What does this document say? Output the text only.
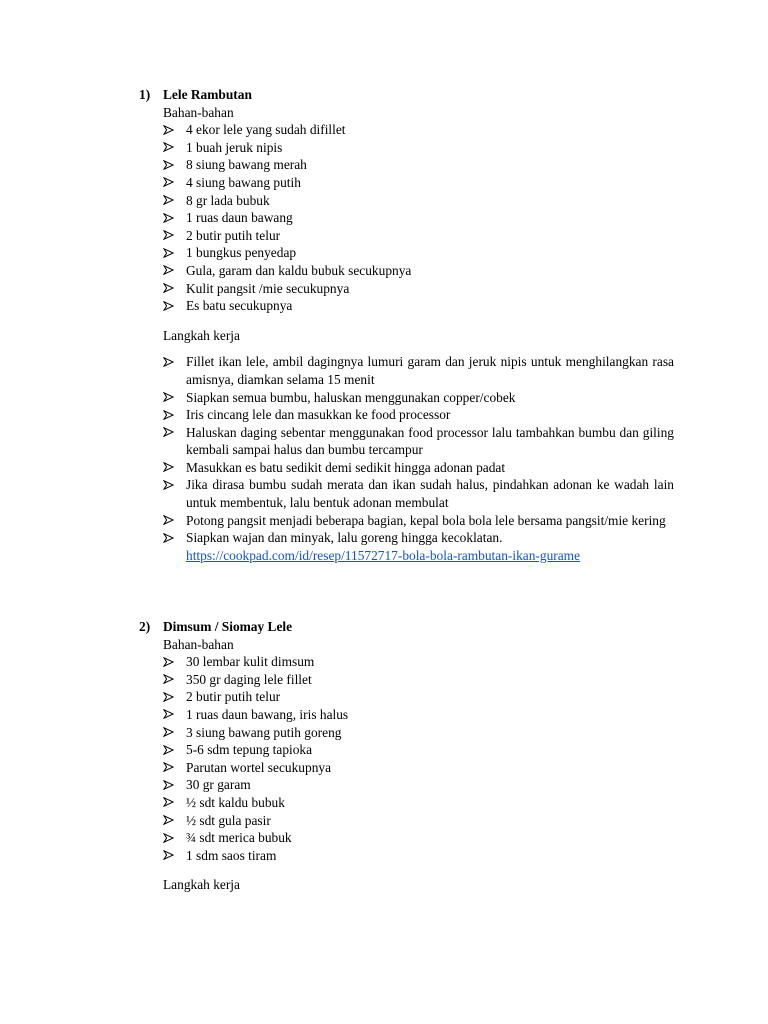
1) Lele Rambutan
Bahan-bahan
4 ekor lele yang sudah difillet
1 buah jeruk nipis
8 siung bawang merah
4 siung bawang putih
8 gr lada bubuk
1 ruas daun bawang
2 butir putih telur
1 bungkus penyedap
Gula, garam dan kaldu bubuk secukupnya
Kulit pangsit /mie secukupnya
Es batu secukupnya
Langkah kerja
Fillet ikan lele, ambil dagingnya lumuri garam dan jeruk nipis untuk menghilangkan rasa amisnya, diamkan selama 15 menit
Siapkan semua bumbu, haluskan menggunakan copper/cobek
Iris cincang lele dan masukkan ke food processor
Haluskan daging sebentar menggunakan food processor lalu tambahkan bumbu dan giling kembali sampai halus dan bumbu tercampur
Masukkan es batu sedikit demi sedikit hingga adonan padat
Jika dirasa bumbu sudah merata dan ikan sudah halus, pindahkan adonan ke wadah lain untuk membentuk, lalu bentuk adonan membulat
Potong pangsit menjadi beberapa bagian, kepal bola bola lele bersama pangsit/mie kering
Siapkan wajan dan minyak, lalu goreng hingga kecoklatan.
https://cookpad.com/id/resep/11572717-bola-bola-rambutan-ikan-gurame
2) Dimsum / Siomay Lele
Bahan-bahan
30 lembar kulit dimsum
350 gr daging lele fillet
2 butir putih telur
1 ruas daun bawang, iris halus
3 siung bawang putih goreng
5-6 sdm tepung tapioka
Parutan wortel secukupnya
30 gr garam
½ sdt kaldu bubuk
½ sdt gula pasir
¾ sdt merica bubuk
1 sdm saos tiram
Langkah kerja
